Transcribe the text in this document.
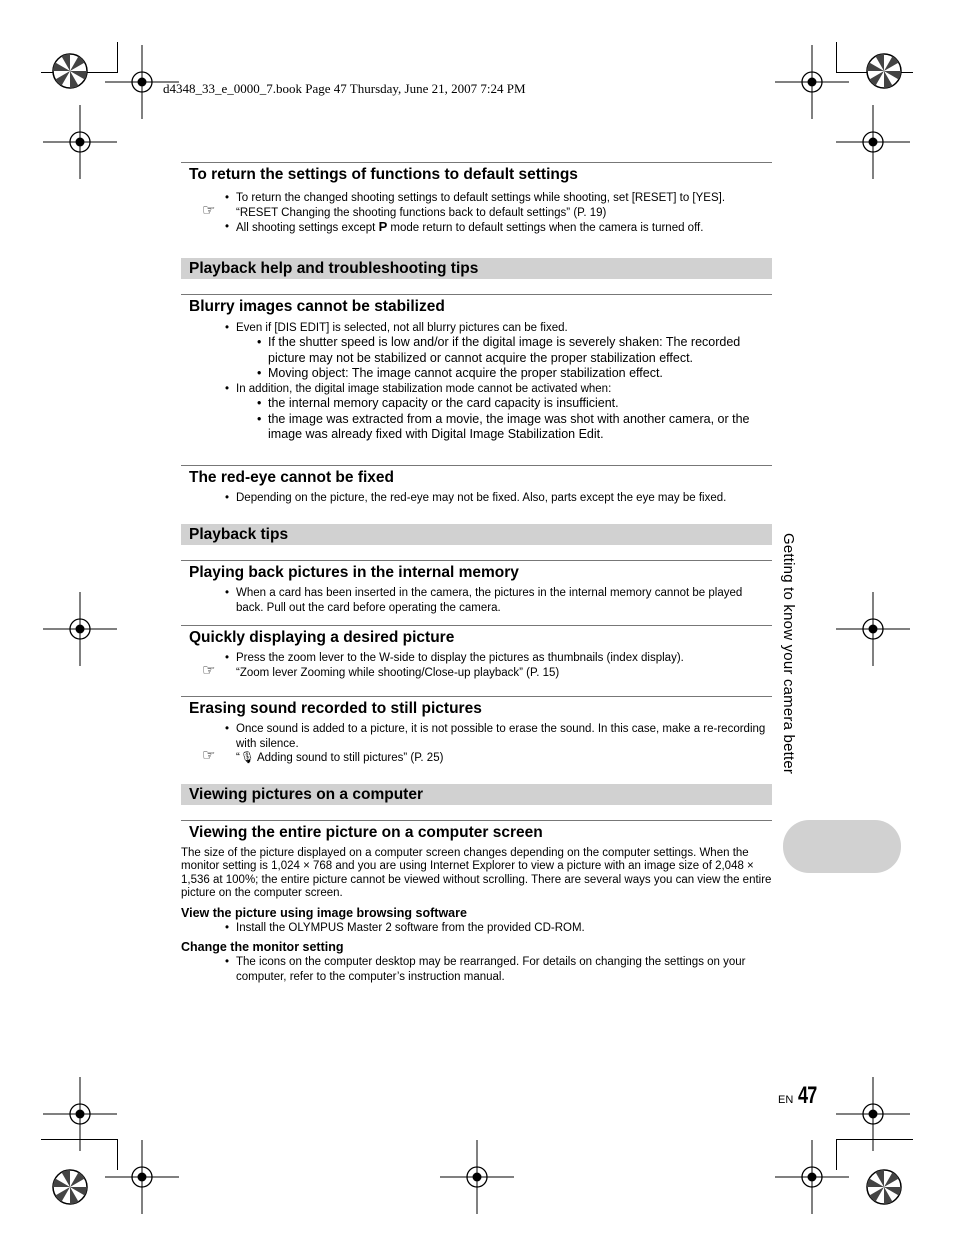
d4348_33_e_0000_7.book Page 47 Thursday, June 21, 2007 7:24 PM
Getting to know your camera better
To return the settings of functions to default settings
• To return the changed shooting settings to default settings while shooting, set [RESET] to [YES].
☞ “RESET Changing the shooting functions back to default settings” (P. 19)
• All shooting settings except P mode return to default settings when the camera is turned off.
Playback help and troubleshooting tips
Blurry images cannot be stabilized
• Even if [DIS EDIT] is selected, not all blurry pictures can be fixed.
• If the shutter speed is low and/or if the digital image is severely shaken: The recorded picture may not be stabilized or cannot acquire the proper stabilization effect.
• Moving object: The image cannot acquire the proper stabilization effect.
• In addition, the digital image stabilization mode cannot be activated when:
• the internal memory capacity or the card capacity is insufficient.
• the image was extracted from a movie, the image was shot with another camera, or the image was already fixed with Digital Image Stabilization Edit.
The red-eye cannot be fixed
• Depending on the picture, the red-eye may not be fixed. Also, parts except the eye may be fixed.
Playback tips
Playing back pictures in the internal memory
• When a card has been inserted in the camera, the pictures in the internal memory cannot be played back. Pull out the card before operating the camera.
Quickly displaying a desired picture
• Press the zoom lever to the W-side to display the pictures as thumbnails (index display).
☞ “Zoom lever Zooming while shooting/Close-up playback” (P. 15)
Erasing sound recorded to still pictures
• Once sound is added to a picture, it is not possible to erase the sound. In this case, make a re-recording with silence.
☞ “🎙 Adding sound to still pictures” (P. 25)
Viewing pictures on a computer
Viewing the entire picture on a computer screen

The size of the picture displayed on a computer screen changes depending on the computer settings. When the monitor setting is 1,024 × 768 and you are using Internet Explorer to view a picture with an image size of 2,048 × 1,536 at 100%; the entire picture cannot be viewed without scrolling. There are several ways you can view the entire picture on the computer screen.

View the picture using image browsing software

• Install the OLYMPUS Master 2 software from the provided CD-ROM.

Change the monitor setting

• The icons on the computer desktop may be rearranged. For details on changing the settings on your computer, refer to the computer’s instruction manual.
EN 47
